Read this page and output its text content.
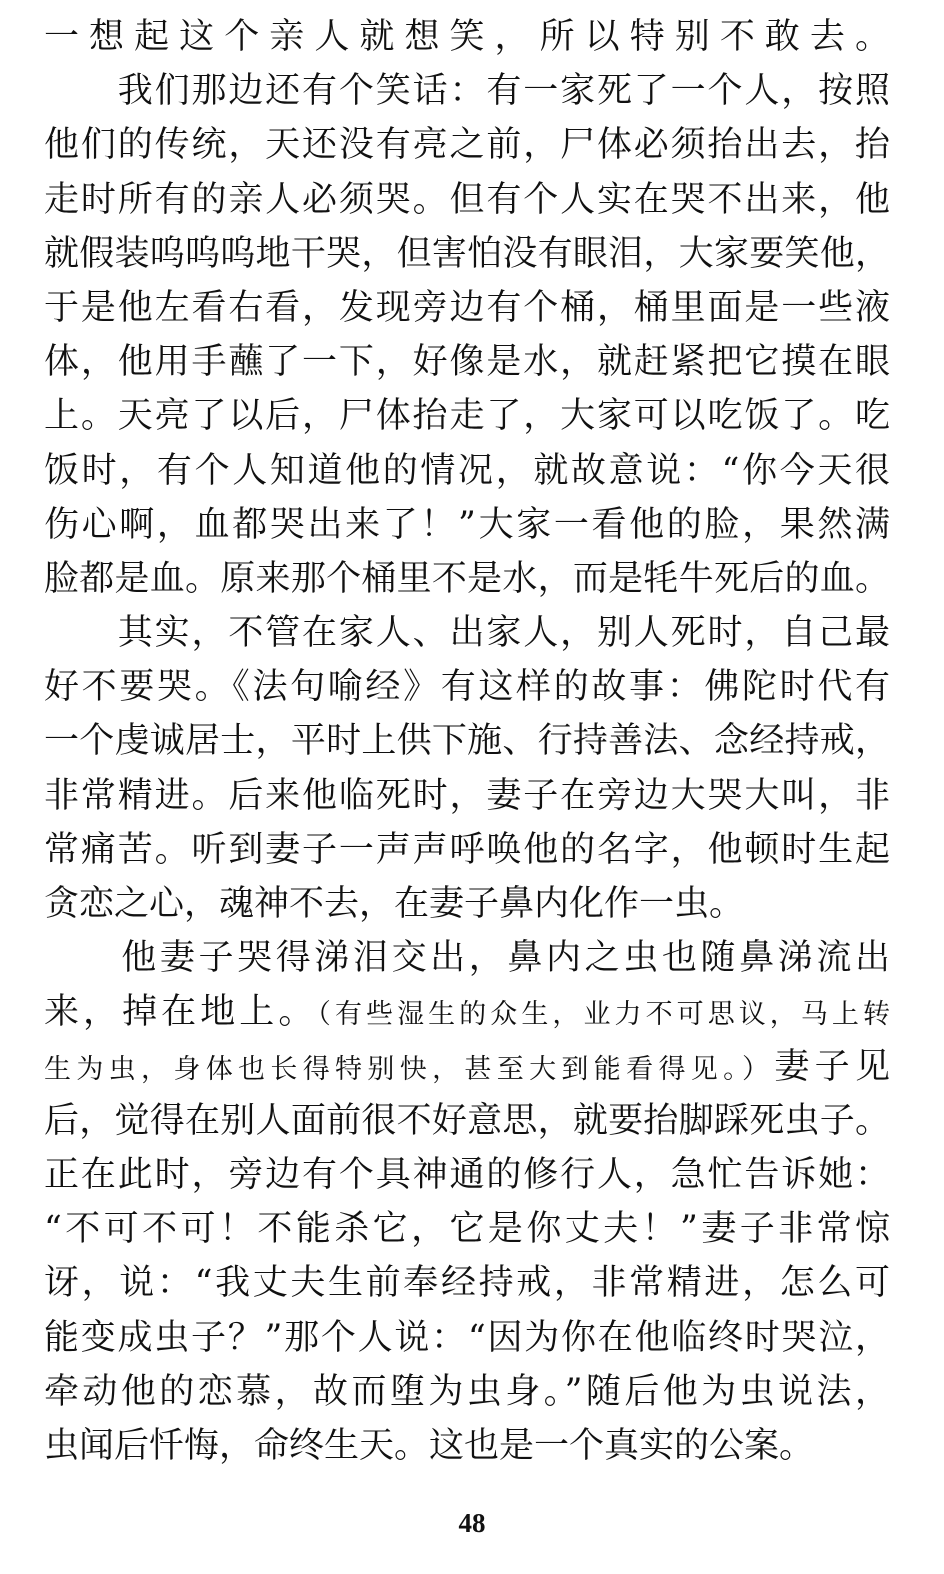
一想起这个亲人就想笑，所以特别不敢去。
　　我们那边还有个笑话：有一家死了一个人，按照
他们的传统，天还没有亮之前，尸体必须抬出去，抬
走时所有的亲人必须哭。但有个人实在哭不出来，他
就假装呜呜呜地干哭，但害怕没有眼泪，大家要笑他，
于是他左看右看，发现旁边有个桶，桶里面是一些液
体，他用手蘸了一下，好像是水，就赶紧把它摸在眼
上。天亮了以后，尸体抬走了，大家可以吃饭了。吃
饭时，有个人知道他的情况，就故意说：“你今天很
伤心啊，血都哭出来了！”大家一看他的脸，果然满
脸都是血。原来那个桶里不是水，而是牦牛死后的血。
　　其实，不管在家人、出家人，别人死时，自己最
好不要哭。《法句喻经》有这样的故事：佛陀时代有
一个虔诚居士，平时上供下施、行持善法、念经持戒，
非常精进。后来他临死时，妻子在旁边大哭大叫，非
常痛苦。听到妻子一声声呼唤他的名字，他顿时生起
贪恋之心，魂神不去，在妻子鼻内化作一虫。
　　他妻子哭得涕泪交出，鼻内之虫也随鼻涕流出
来，掉在地上。（有些湿生的众生，业力不可思议，马上转
生为虫，身体也长得特别快，甚至大到能看得见。）妻子见
后，觉得在别人面前很不好意思，就要抬脚踩死虫子。
正在此时，旁边有个具神通的修行人，急忙告诉她：
“不可不可！不能杀它，它是你丈夫！”妻子非常惊
讶，说：“我丈夫生前奉经持戒，非常精进，怎么可
能变成虫子？”那个人说：“因为你在他临终时哭泣，
牵动他的恋慕，故而堕为虫身。”随后他为虫说法，
虫闻后忏悔，命终生天。这也是一个真实的公案。
48
